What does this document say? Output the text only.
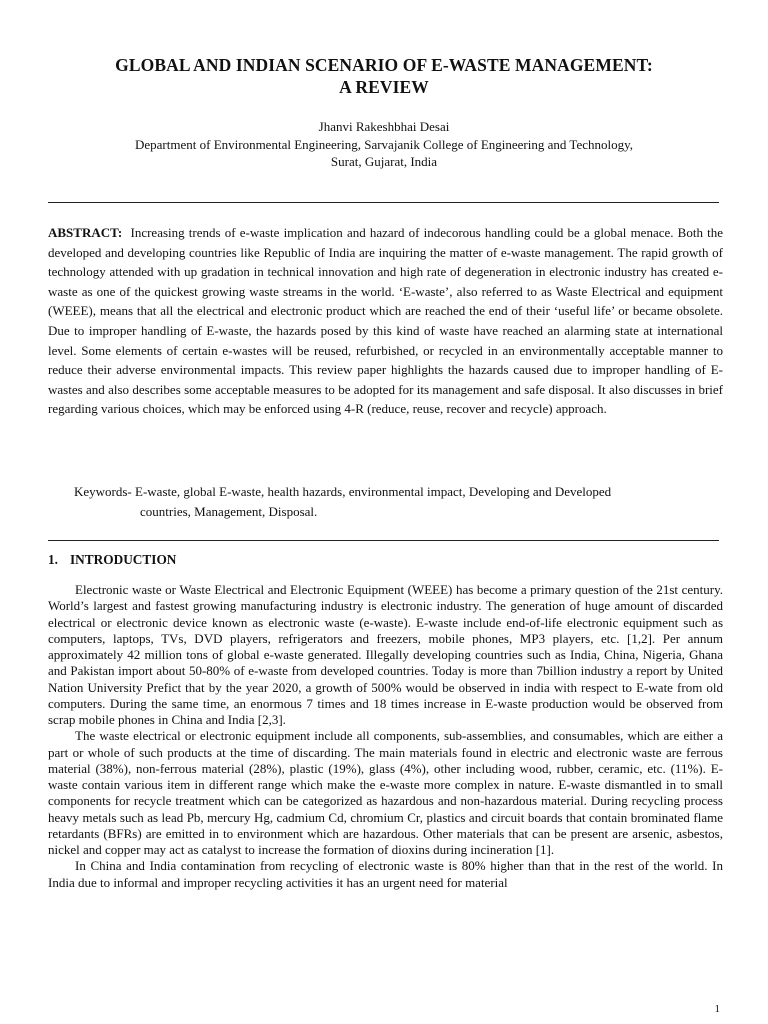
GLOBAL AND INDIAN SCENARIO OF E-WASTE MANAGEMENT:
A REVIEW
Jhanvi Rakeshbhai Desai
Department of Environmental Engineering, Sarvajanik College of Engineering and Technology,
Surat, Gujarat, India

ABSTRACT: Increasing trends of e-waste implication and hazard of indecorous handling could be a global menace. Both the developed and developing countries like Republic of India are inquiring the matter of e-waste management. The rapid growth of technology attended with up gradation in technical innovation and high rate of degeneration in electronic industry has created e-waste as one of the quickest growing waste streams in the world. ‘E-waste’, also referred to as Waste Electrical and equipment (WEEE), means that all the electrical and electronic product which are reached the end of their ‘useful life’ or became obsolete. Due to improper handling of E-waste, the hazards posed by this kind of waste have reached an alarming state at international level. Some elements of certain e-wastes will be reused, refurbished, or recycled in an environmentally acceptable manner to reduce their adverse environmental impacts. This review paper highlights the hazards caused due to improper handling of E-wastes and also describes some acceptable measures to be adopted for its management and safe disposal. It also discusses in brief regarding various choices, which may be enforced using 4-R (reduce, reuse, recover and recycle) approach.

Keywords- E-waste, global E-waste, health hazards, environmental impact, Developing and Developed
countries, Management, Disposal.

1. INTRODUCTION

Electronic waste or Waste Electrical and Electronic Equipment (WEEE) has become a primary question of the 21st century. World’s largest and fastest growing manufacturing industry is electronic industry. The generation of huge amount of discarded electrical or electronic device known as electronic waste (e-waste). E-waste include end-of-life electronic equipment such as computers, laptops, TVs, DVD players, refrigerators and freezers, mobile phones, MP3 players, etc. [1,2]. Per annum approximately 42 million tons of global e-waste generated. Illegally developing countries such as India, China, Nigeria, Ghana and Pakistan import about 50-80% of e-waste from developed countries. Today is more than 7billion industry a report by United Nation University Prefict that by the year 2020, a growth of 500% would be observed in india with respect to E-wate from old computers. During the same time, an enormous 7 times and 18 times increase in E-waste production would be observed from scrap mobile phones in China and India [2,3].

The waste electrical or electronic equipment include all components, sub-assemblies, and consumables, which are either a part or whole of such products at the time of discarding. The main materials found in electric and electronic waste are ferrous material (38%), non-ferrous material (28%), plastic (19%), glass (4%), other including wood, rubber, ceramic, etc. (11%). E-waste contain various item in different range which make the e-waste more complex in nature. E-waste dismantled in to small components for recycle treatment which can be categorized as hazardous and non-hazardous material. During recycling process heavy metals such as lead Pb, mercury Hg, cadmium Cd, chromium Cr, plastics and circuit boards that contain brominated flame retardants (BFRs) are emitted in to environment which are hazardous. Other materials that can be present are arsenic, asbestos, nickel and copper may act as catalyst to increase the formation of dioxins during incineration [1].

In China and India contamination from recycling of electronic waste is 80% higher than that in the rest of the world. In India due to informal and improper recycling activities it has an urgent need for material

1
